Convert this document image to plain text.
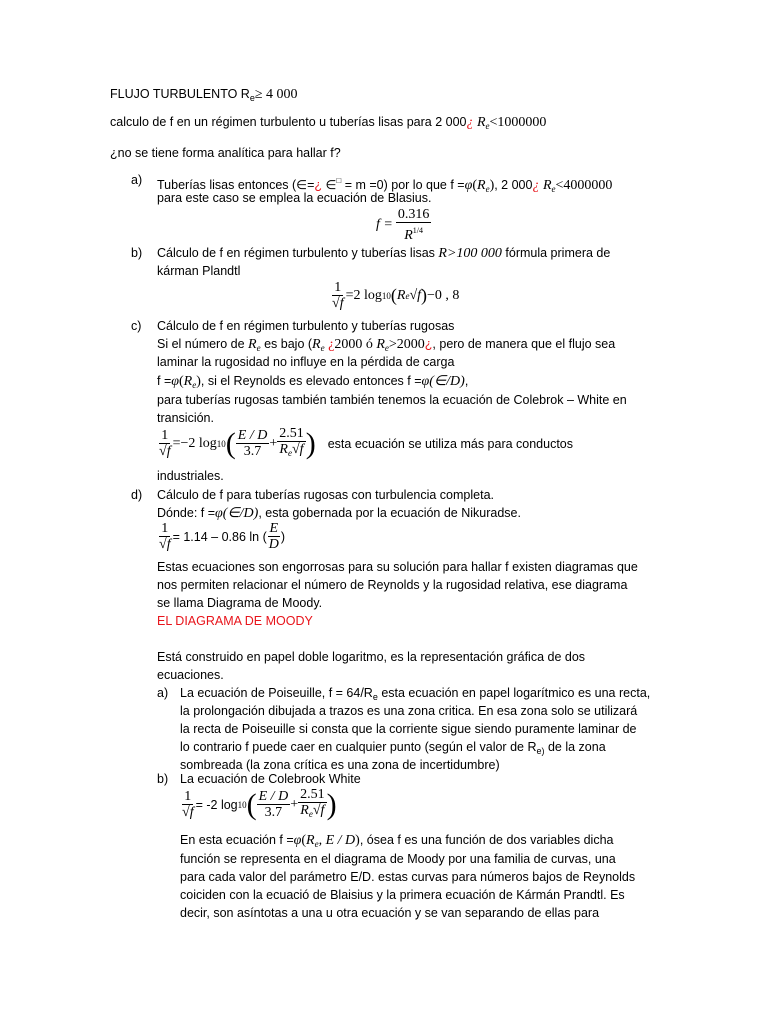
FLUJO TURBULENTO $R_e\ge 4$ 000
calculo de f en un régimen turbulento u tuberías lisas para 2 000¿ $R_e<1000000$
¿no se tiene forma analítica para hallar f?
a) Tuberías lisas entonces (∈=¿ ∈□ = m =0) por lo que $f =\varphi(R_e)$, 2 000¿ $R_e<4000000$
para este caso se emplea la ecuación de Blasius.
$f = \frac{0.316}{R^{1/4}}$
b) Cálculo de f en régimen turbulento y tuberías lisas R>100 000 fórmula primera de
kárman Plandtl
$\frac{1}{√f} =2$ log 10 ( R e √f ) −0 , 8
c) Cálculo de f en régimen turbulento y tuberías rugosas
Si el número de $R_e$ es bajo ($R_e$ ¿2000 ó $R_e>2000¿$, pero de manera que el flujo sea
laminar la rugosidad no influye en la pérdida de carga
$f =\varphi(R_e)$, si el Reynolds es elevado entonces f =φ(∈/D),
para tuberías rugosas también también tenemos la ecuación de Colebrok – White en
transición.
$\frac{1}{√f} =-2$ log 10 ( $\frac{E / D}{3.7} + \frac{2.51}{R_e√f}$ ) esta ecuación se utiliza más para conductos
industriales.
d) Cálculo de f para tuberías rugosas con turbulencia completa.
Dónde: f =φ(∈/D), esta gobernada por la ecuación de Nikuradse.
$\frac{1}{√f} = 1.14 - 0.86$ ln ( $\frac{E}{D}$ )
Estas ecuaciones son engorrosas para su solución para hallar f existen diagramas que
nos permiten relacionar el número de Reynolds y la rugosidad relativa, ese diagrama
se llama Diagrama de Moody.
EL DIAGRAMA DE MOODY
Está construido en papel doble logaritmo, es la representación gráfica de dos
ecuaciones.
a) La ecuación de Poiseuille, $f = 64/R_e$ esta ecuación en papel logarítmico es una recta,
la prolongación dibujada a trazos es una zona critica. En esa zona solo se utilizará
la recta de Poiseuille si consta que la corriente sigue siendo puramente laminar de
lo contrario f puede caer en cualquier punto (según el valor de $R_{e)}$ de la zona
sombreada (la zona crítica es una zona de incertidumbre)
b) La ecuación de Colebrook White
$\frac{1}{√f} = -2$ log 10 ( $\frac{E / D}{3.7} + \frac{2.51}{R_e√f}$ )
En esta ecuación $f =\varphi(R_e$, E / D), ósea f es una función de dos variables dicha
función se representa en el diagrama de Moody por una familia de curvas, una
para cada valor del parámetro E/D. estas curvas para números bajos de Reynolds
coiciden con la ecuació de Blaisius y la primera ecuación de Kármán Prandtl. Es
decir, son asíntotas a una u otra ecuación y se van separando de ellas para
